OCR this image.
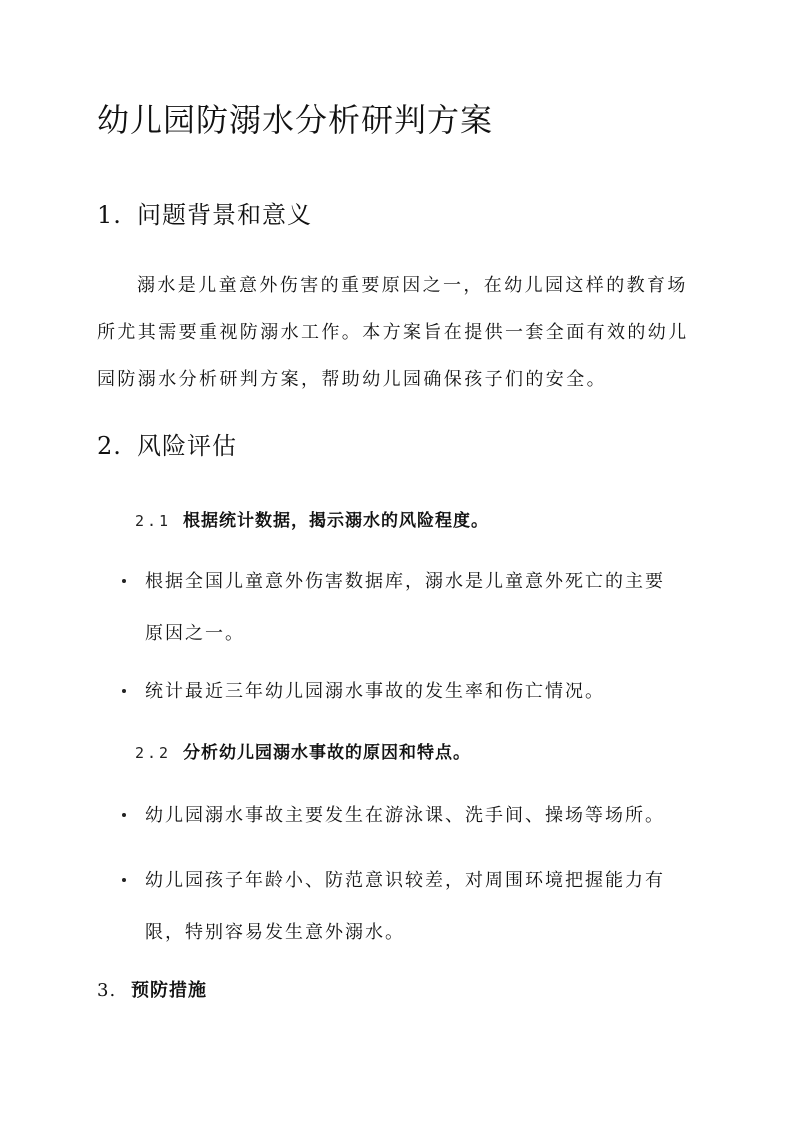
幼儿园防溺水分析研判方案
1. 问题背景和意义
溺水是儿童意外伤害的重要原因之一，在幼儿园这样的教育场
所尤其需要重视防溺水工作。本方案旨在提供一套全面有效的幼儿
园防溺水分析研判方案，帮助幼儿园确保孩子们的安全。
2. 风险评估
2.1 根据统计数据，揭示溺水的风险程度。
根据全国儿童意外伤害数据库，溺水是儿童意外死亡的主要
原因之一。
统计最近三年幼儿园溺水事故的发生率和伤亡情况。
2.2 分析幼儿园溺水事故的原因和特点。
幼儿园溺水事故主要发生在游泳课、洗手间、操场等场所。
幼儿园孩子年龄小、防范意识较差，对周围环境把握能力有
限，特别容易发生意外溺水。
3. 预防措施
